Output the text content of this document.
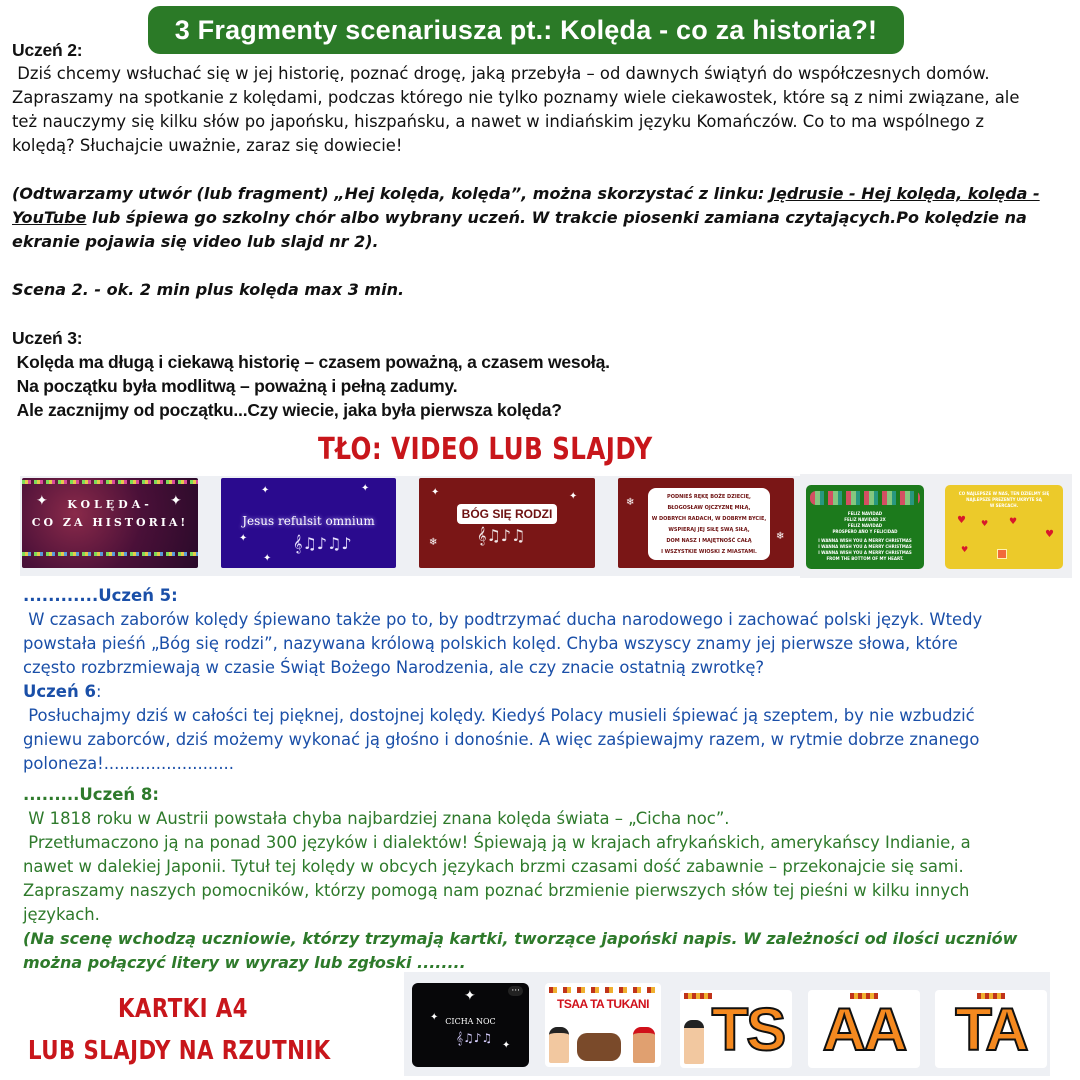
3 Fragmenty scenariusza pt.: Kolęda - co za historia?!
Uczeń 2:
Dziś chcemy wsłuchać się w jej historię, poznać drogę, jaką przebyła – od dawnych świątyń do współczesnych domów.
Zapraszamy na spotkanie z kolędami, podczas którego nie tylko poznamy wiele ciekawostek, które są z nimi związane, ale
też nauczymy się kilku słów po japońsku, hiszpańsku, a nawet w indiańskim języku Komańczów. Co to ma wspólnego z
kolędą? Słuchajcie uważnie, zaraz się dowiecie!
(Odtwarzamy utwór (lub fragment) „Hej kolęda, kolęda”, można skorzystać z linku: Jędrusie - Hej kolęda, kolęda -
YouTube lub śpiewa go szkolny chór albo wybrany uczeń. W trakcie piosenki zamiana czytających.Po kolędzie na
ekranie pojawia się video lub slajd nr 2).
Scena 2. - ok. 2 min plus kolęda max 3 min.
Uczeń 3:
Kolęda ma długą i ciekawą historię – czasem poważną, a czasem wesołą.
Na początku była modlitwą – poważną i pełną zadumy.
Ale zacznijmy od początku...Czy wiecie, jaka była pierwsza kolęda?
TŁO: VIDEO LUB SLAJDY
✦	✦
KOLĘDA-
CO ZA HISTORIA!
✦	✦
✦
✦
Jesus refulsit omnium
𝄞♫♪♫♪
✦	✦
❄
BÓG SIĘ RODZI
𝄞♫♪♫
❄
❄
PODNIEŚ RĘKĘ BOŻE DZIECIĘ,
BŁOGOSŁAW OJCZYZNĘ MIŁĄ,
W DOBRYCH RADACH, W DOBRYM BYCIE,
WSPIERAJ JEJ SIŁĘ SWĄ SIŁĄ,
DOM NASZ I MAJĘTNOŚĆ CAŁĄ
I WSZYSTKIE WIOSKI Z MIASTAMI.
FELIZ NAVIDAD
FELIZ NAVIDAD 2X
FELIZ NAVIDAD
PROSPERO AÑO Y FELICIDAD
I WANNA WISH YOU A MERRY CHRISTMAS
I WANNA WISH YOU A MERRY CHRISTMAS
I WANNA WISH YOU A MERRY CHRISTMAS
FROM THE BOTTOM OF MY HEART.
CO NAJLEPSZE W NAS, TEN DZIELMY SIĘ
NAJLEPSZE PREZENTY UKRYTE SĄ
W SERCACH.
♥ ♥ ♥
♥
♥
............Uczeń 5:
W czasach zaborów kolędy śpiewano także po to, by podtrzymać ducha narodowego i zachować polski język. Wtedy
powstała pieśń „Bóg się rodzi”, nazywana królową polskich kolęd. Chyba wszyscy znamy jej pierwsze słowa, które
często rozbrzmiewają w czasie Świąt Bożego Narodzenia, ale czy znacie ostatnią zwrotkę?
Uczeń 6:
Posłuchajmy dziś w całości tej pięknej, dostojnej kolędy. Kiedyś Polacy musieli śpiewać ją szeptem, by nie wzbudzić
gniewu zaborców, dziś możemy wykonać ją głośno i donośnie. A więc zaśpiewajmy razem, w rytmie dobrze znanego
poloneza!.........................
.........Uczeń 8:
W 1818 roku w Austrii powstała chyba najbardziej znana kolęda świata – „Cicha noc”.
Przetłumaczono ją na ponad 300 języków i dialektów! Śpiewają ją w krajach afrykańskich, amerykańscy Indianie, a
nawet w dalekiej Japonii. Tytuł tej kolędy w obcych językach brzmi czasami dość zabawnie – przekonajcie się sami.
Zapraszamy naszych pomocników, którzy pomogą nam poznać brzmienie pierwszych słów tej pieśni w kilku innych
językach.
(Na scenę wchodzą uczniowie, którzy trzymają kartki, tworzące japoński napis. W zależności od ilości uczniów
można połączyć litery w wyrazy lub zgłoski ........
KARTKI A4
LUB SLAJDY NA RZUTNIK
✦
✦
✦
···
CICHA NOC
𝄞♫♪♫
TSAA TA TUKANI TS AA TA
